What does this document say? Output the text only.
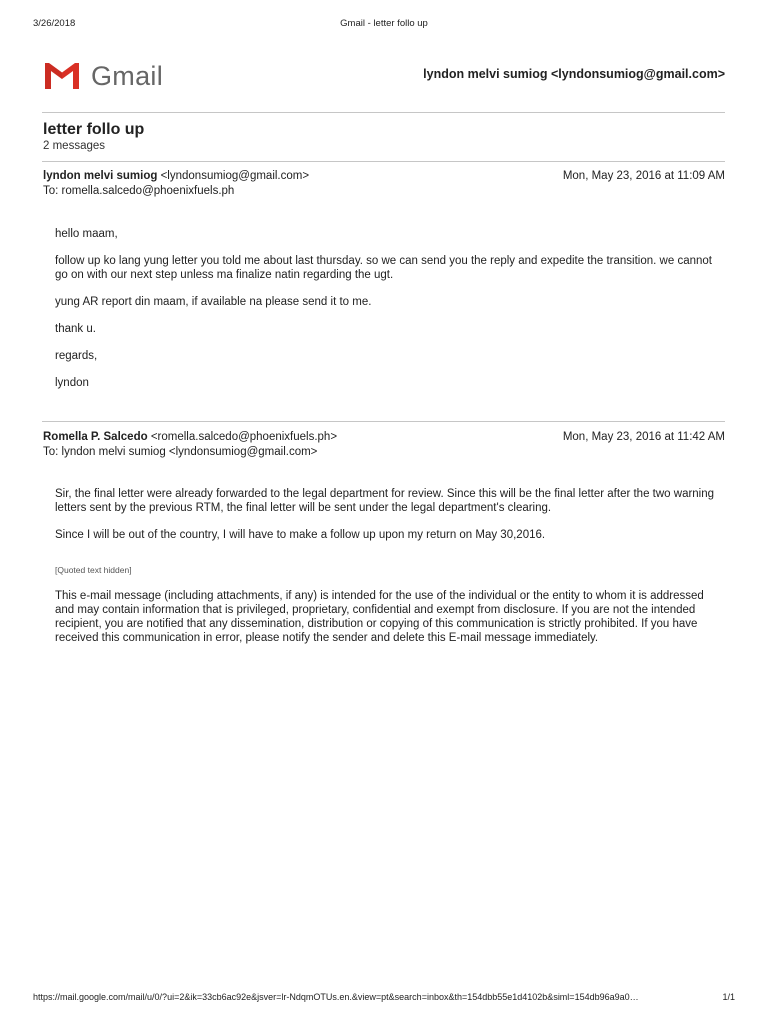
3/26/2018	Gmail - letter follo up
Gmail	lyndon melvi sumiog <lyndonsumiog@gmail.com>
letter follo up
2 messages
lyndon melvi sumiog <lyndonsumiog@gmail.com>	Mon, May 23, 2016 at 11:09 AM
To: romella.salcedo@phoenixfuels.ph

hello maam,

follow up ko lang yung letter you told me about last thursday. so we can send you the reply and expedite the transition. we cannot go on with our next step unless ma finalize natin regarding the ugt.

yung AR report din maam, if available na please send it to me.

thank u.

regards,

lyndon

Romella P. Salcedo <romella.salcedo@phoenixfuels.ph>	Mon, May 23, 2016 at 11:42 AM
To: lyndon melvi sumiog <lyndonsumiog@gmail.com>

Sir, the final letter were already forwarded to the legal department for review. Since this will be the final letter after the two warning letters sent by the previous RTM, the final letter will be sent under the legal department's clearing.

Since I will be out of the country, I will have to make a follow up upon my return on May 30,2016.

[Quoted text hidden]

This e-mail message (including attachments, if any) is intended for the use of the individual or the entity to whom it is addressed and may contain information that is privileged, proprietary, confidential and exempt from disclosure. If you are not the intended recipient, you are notified that any dissemination, distribution or copying of this communication is strictly prohibited. If you have received this communication in error, please notify the sender and delete this E-mail message immediately.

https://mail.google.com/mail/u/0/?ui=2&ik=33cb6ac92e&jsver=lr-NdqmOTUs.en.&view=pt&search=inbox&th=154dbb55e1d4102b&siml=154db96a9a0…	1/1
